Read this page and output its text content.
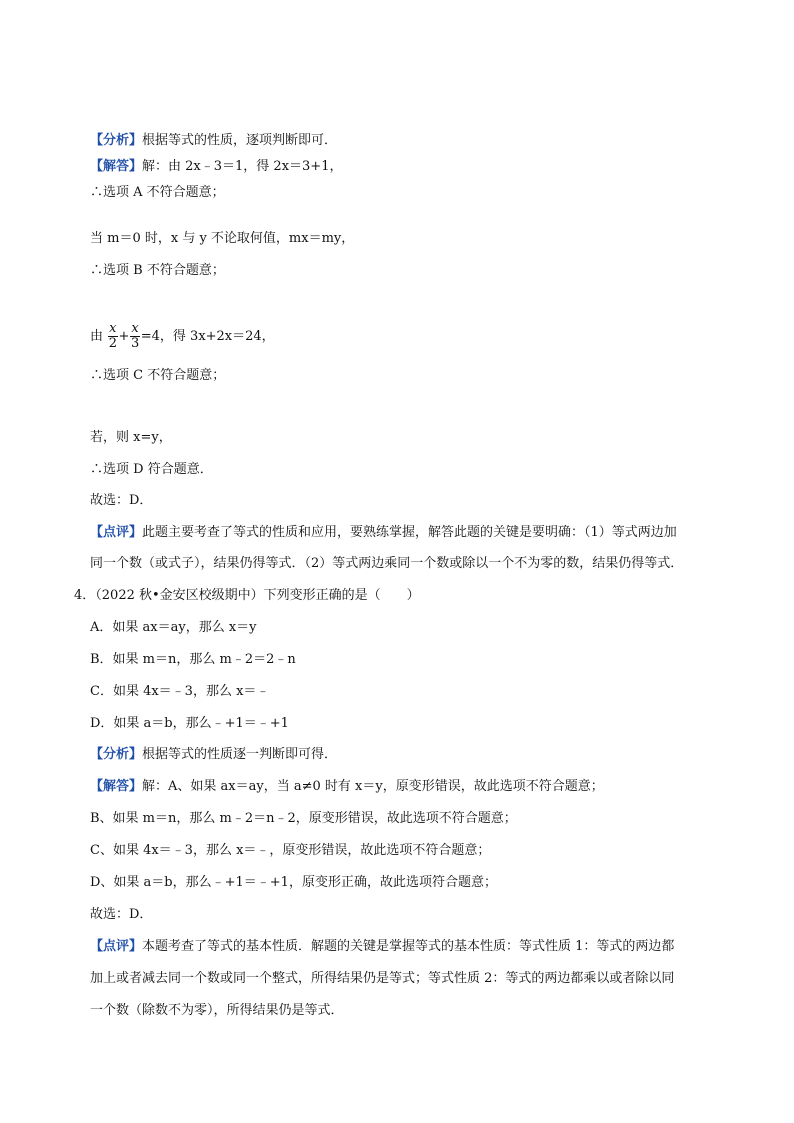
【分析】根据等式的性质，逐项判断即可．
【解答】解：由 2x﹣3＝1，得 2x＝3+1，
∴选项 A 不符合题意；
当 m＝0 时，x 与 y 不论取何值，mx＝my，
∴选项 B 不符合题意；
由 $\frac{x}{2} + \frac{x}{3} =4$，得 3x+2x＝24，
∴选项 C 不符合题意；
若，则 x=y，
∴选项 D 符合题意．
故选：D．
【点评】此题主要考查了等式的性质和应用，要熟练掌握，解答此题的关键是要明确：（1）等式两边加
同一个数（或式子），结果仍得等式．（2）等式两边乘同一个数或除以一个不为零的数，结果仍得等式．
4．（2022 秋•金安区校级期中）下列变形正确的是（　　）
A．如果 ax＝ay，那么 x＝y
B．如果 m＝n，那么 m﹣2＝2﹣n
C．如果 4x＝﹣3，那么 x＝﹣
D．如果 a＝b，那么﹣+1＝﹣+1
【分析】根据等式的性质逐一判断即可得．
【解答】解：A、如果 ax＝ay，当 a≠0 时有 x＝y，原变形错误，故此选项不符合题意；
B、如果 m＝n，那么 m﹣2＝n﹣2，原变形错误，故此选项不符合题意；
C、如果 4x＝﹣3，那么 x＝﹣，原变形错误，故此选项不符合题意；
D、如果 a＝b，那么﹣+1＝﹣+1，原变形正确，故此选项符合题意；
故选：D．
【点评】本题考查了等式的基本性质．解题的关键是掌握等式的基本性质：等式性质 1：等式的两边都
加上或者减去同一个数或同一个整式，所得结果仍是等式；等式性质 2：等式的两边都乘以或者除以同
一个数（除数不为零），所得结果仍是等式．
